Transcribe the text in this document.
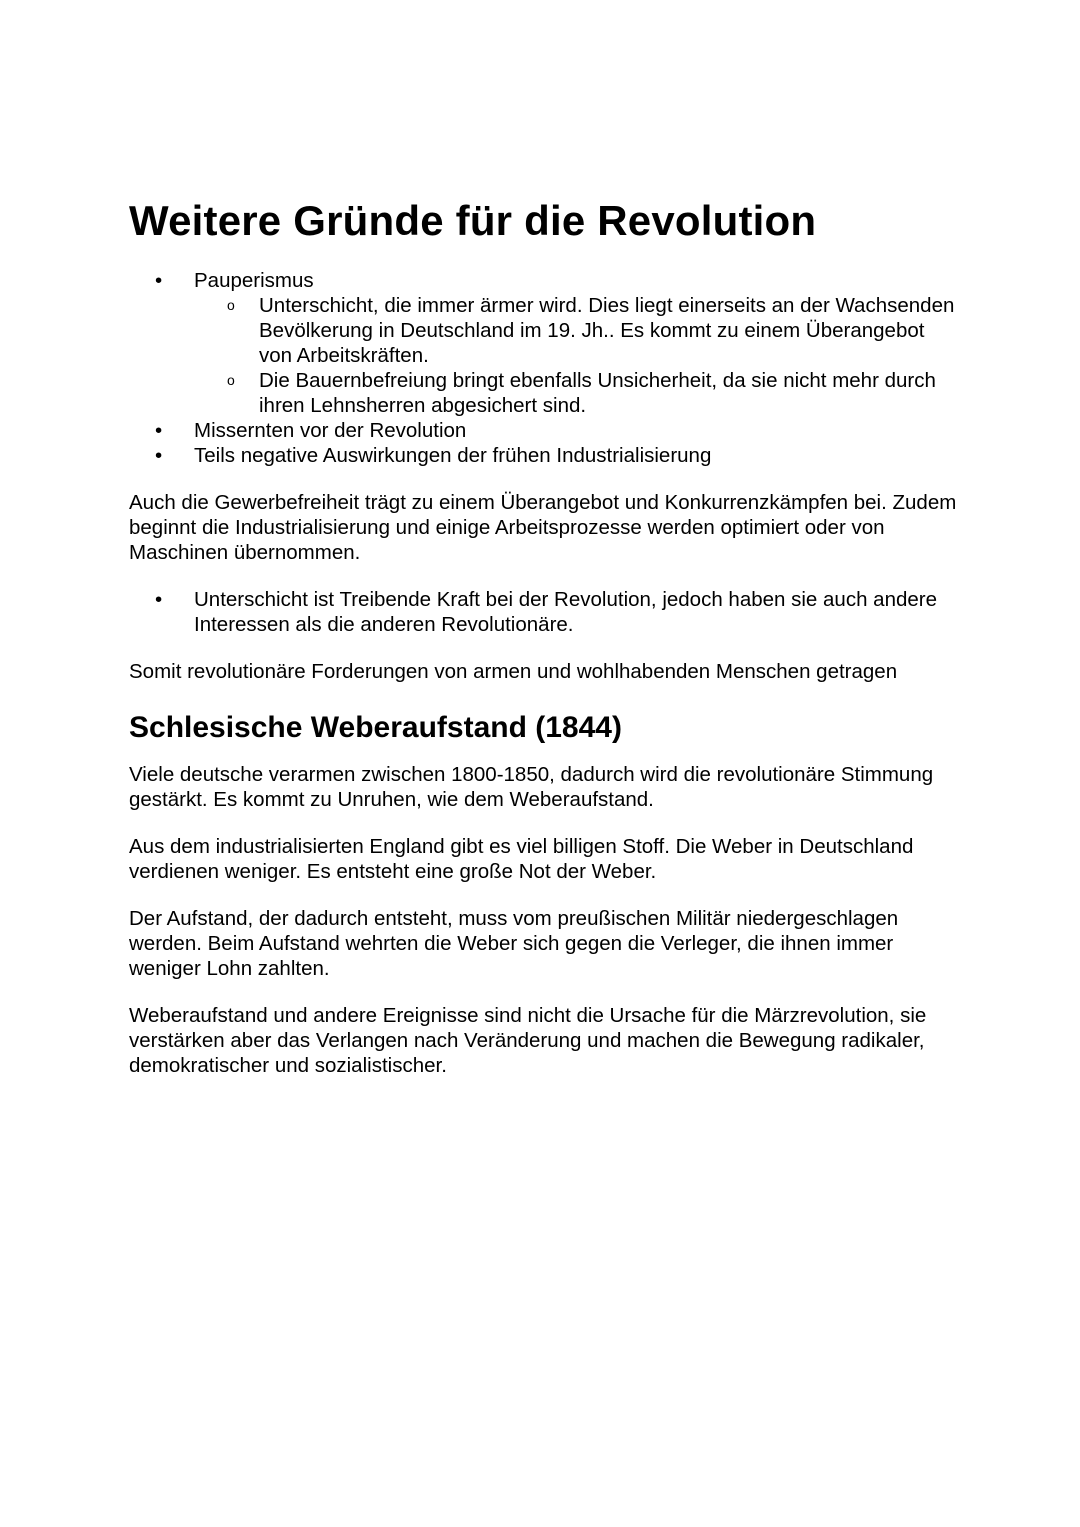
Weitere Gründe für die Revolution
• Pauperismus

o Unterschicht, die immer ärmer wird. Dies liegt einerseits an der Wachsenden Bevölkerung in Deutschland im 19. Jh.. Es kommt zu einem Überangebot von Arbeitskräften.

o Die Bauernbefreiung bringt ebenfalls Unsicherheit, da sie nicht mehr durch ihren Lehnsherren abgesichert sind.

• Missernten vor der Revolution

• Teils negative Auswirkungen der frühen Industrialisierung

Auch die Gewerbefreiheit trägt zu einem Überangebot und Konkurrenzkämpfen bei. Zudem beginnt die Industrialisierung und einige Arbeitsprozesse werden optimiert oder von Maschinen übernommen.

• Unterschicht ist Treibende Kraft bei der Revolution, jedoch haben sie auch andere Interessen als die anderen Revolutionäre.

Somit revolutionäre Forderungen von armen und wohlhabenden Menschen getragen

Schlesische Weberaufstand (1844)

Viele deutsche verarmen zwischen 1800-1850, dadurch wird die revolutionäre Stimmung gestärkt. Es kommt zu Unruhen, wie dem Weberaufstand.

Aus dem industrialisierten England gibt es viel billigen Stoff. Die Weber in Deutschland verdienen weniger. Es entsteht eine große Not der Weber.

Der Aufstand, der dadurch entsteht, muss vom preußischen Militär niedergeschlagen werden. Beim Aufstand wehrten die Weber sich gegen die Verleger, die ihnen immer weniger Lohn zahlten.

Weberaufstand und andere Ereignisse sind nicht die Ursache für die Märzrevolution, sie verstärken aber das Verlangen nach Veränderung und machen die Bewegung radikaler, demokratischer und sozialistischer.
